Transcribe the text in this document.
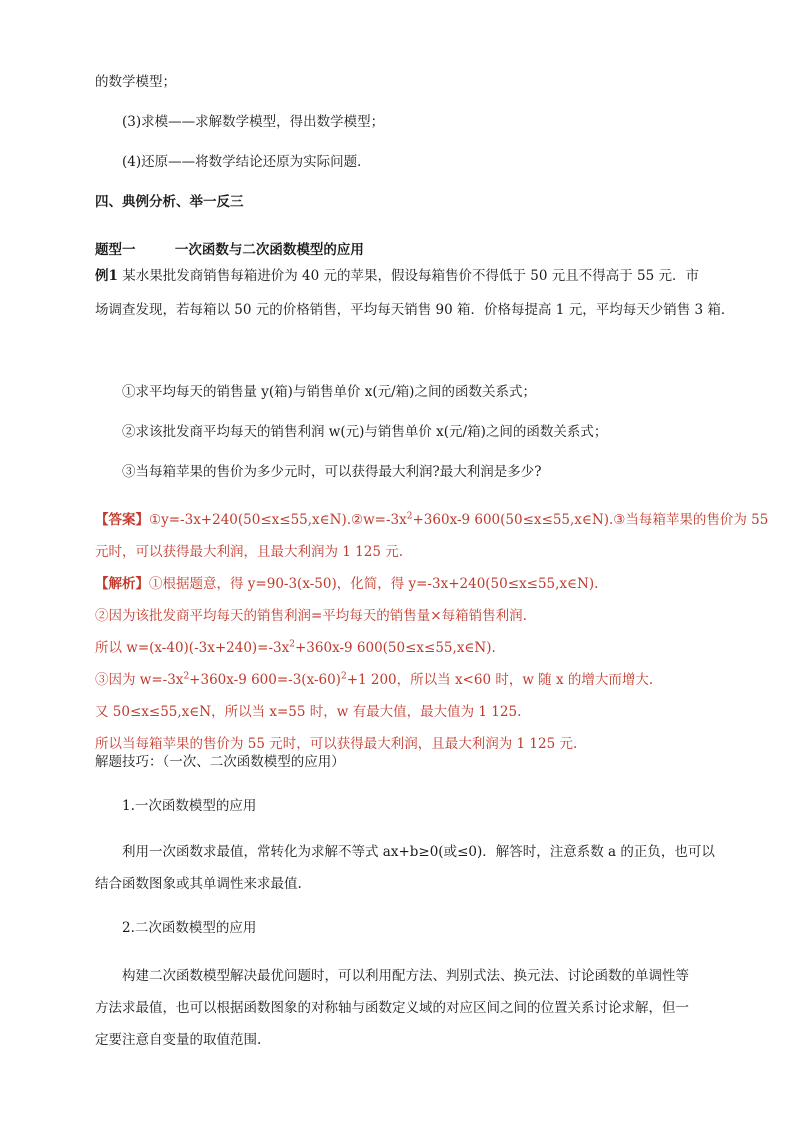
的数学模型；
(3)求模——求解数学模型，得出数学模型；
(4)还原——将数学结论还原为实际问题．
四、典例分析、举一反三
题型一	一次函数与二次函数模型的应用
例1 某水果批发商销售每箱进价为 40 元的苹果，假设每箱售价不得低于 50 元且不得高于 55 元．市
场调查发现，若每箱以 50 元的价格销售，平均每天销售 90 箱．价格每提高 1 元，平均每天少销售 3 箱．
①求平均每天的销售量 y(箱)与销售单价 x(元/箱)之间的函数关系式；
②求该批发商平均每天的销售利润 w(元)与销售单价 x(元/箱)之间的函数关系式；
③当每箱苹果的售价为多少元时，可以获得最大利润?最大利润是多少?
【答案】$①y=-3x+240(50\le x\le 55,x\in N).②w=-3x^2+360x-9$ 600(50≤x≤55,x∈N).③当每箱苹果的售价为 55
元时，可以获得最大利润，且最大利润为 1 125 元.
【解析】①根据题意，得 y=90-3(x-50)，化简，得 y=-3x+240(50≤x≤55,x∈N).
②因为该批发商平均每天的销售利润=平均每天的销售量×每箱销售利润.
所以 $w=(x-40)(-3x+240)=-3x^2+360x-9$ 600(50≤x≤55,x∈N).
③因为 $w=-3x^2+360x-9$ $600=-3(x-60)^2+1$ 200，所以当 x<60 时，w 随 x 的增大而增大.
又 50≤x≤55,x∈N，所以当 x=55 时，w 有最大值，最大值为 1 125.
所以当每箱苹果的售价为 55 元时，可以获得最大利润，且最大利润为 1 125 元.
解题技巧：（一次、二次函数模型的应用）
1.一次函数模型的应用
利用一次函数求最值，常转化为求解不等式 ax+b≥0(或≤0)．解答时，注意系数 a 的正负，也可以
结合函数图象或其单调性来求最值.
2.二次函数模型的应用
构建二次函数模型解决最优问题时，可以利用配方法、判别式法、换元法、讨论函数的单调性等
方法求最值，也可以根据函数图象的对称轴与函数定义域的对应区间之间的位置关系讨论求解，但一
定要注意自变量的取值范围.
